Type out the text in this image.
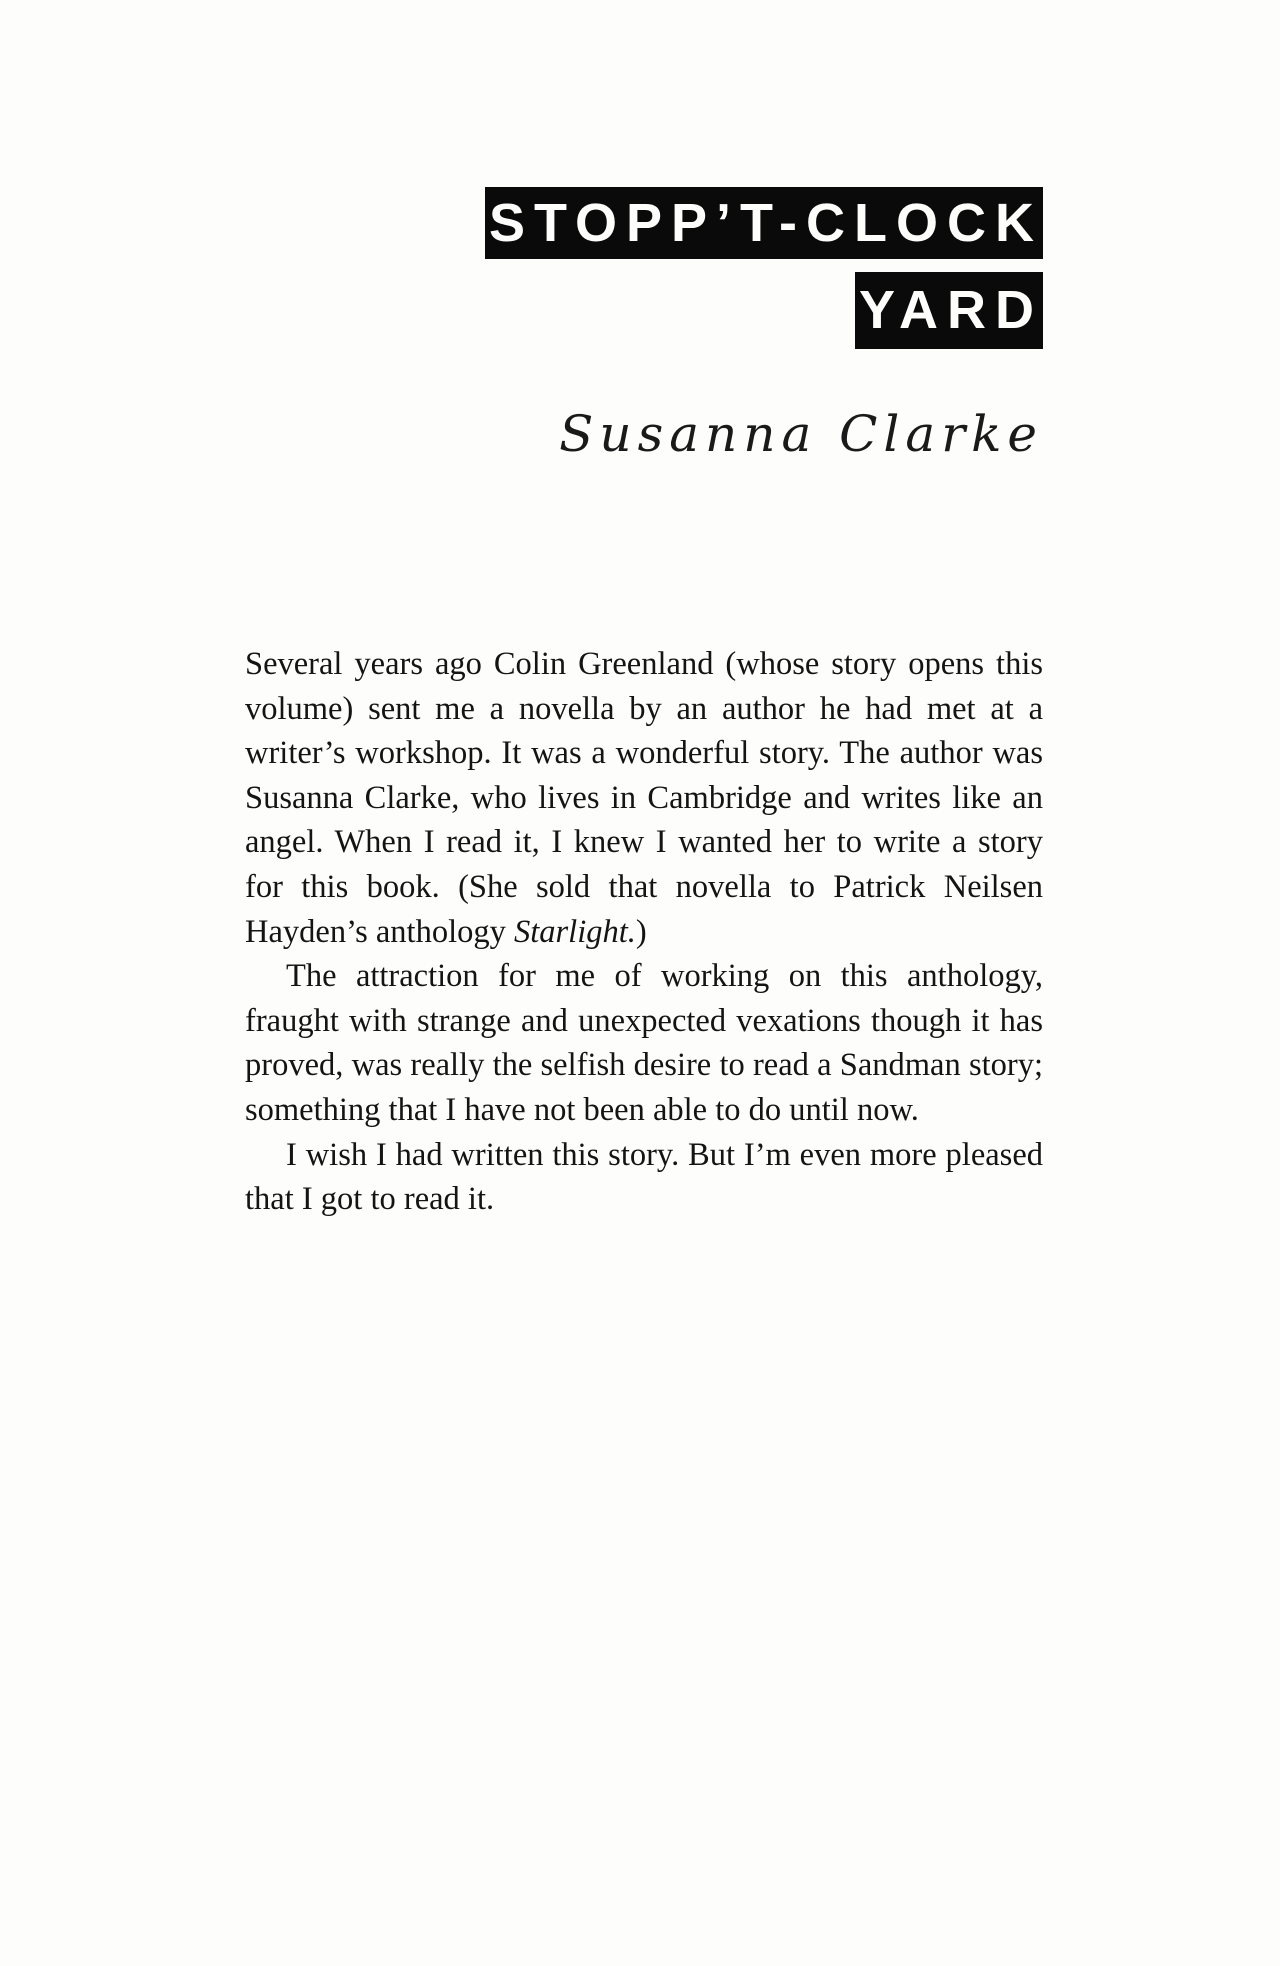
STOPP’T-CLOCK
YARD
Susanna Clarke

Several years ago Colin Greenland (whose story opens this volume) sent me a novella by an author he had met at a writer’s workshop. It was a wonderful story. The author was Susanna Clarke, who lives in Cambridge and writes like an angel. When I read it, I knew I wanted her to write a story for this book. (She sold that novella to Patrick Neilsen Hayden’s anthology Starlight.)

The attraction for me of working on this anthology, fraught with strange and unexpected vexations though it has proved, was really the selfish desire to read a Sandman story; something that I have not been able to do until now.

I wish I had written this story. But I’m even more pleased that I got to read it.
